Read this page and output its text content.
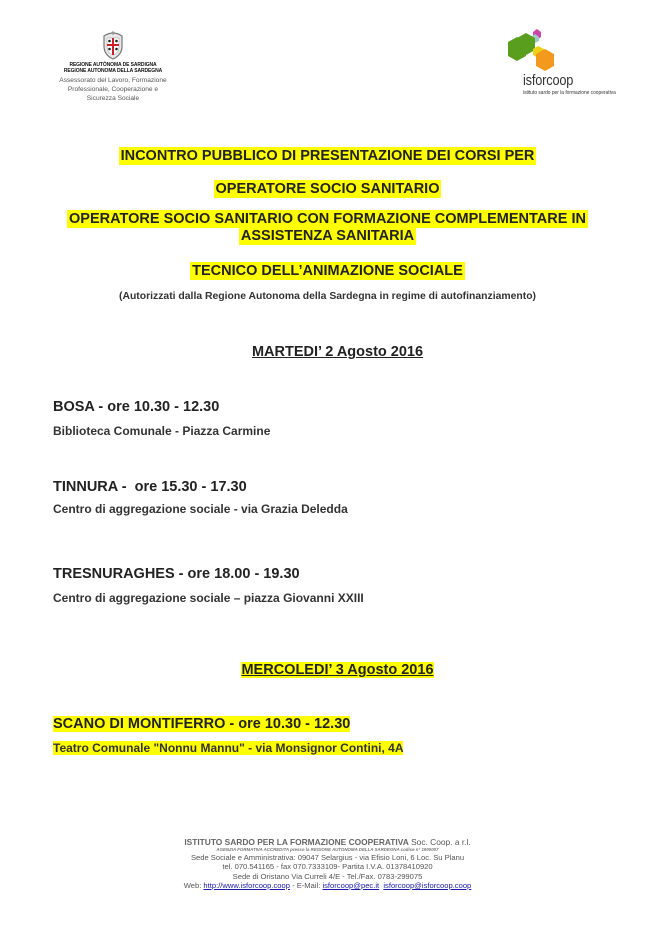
REGIONE AUTÒNOMA DE SARDIGNA
REGIONE AUTONOMA DELLA SARDEGNA
Assessorato del Lavoro, Formazione
Professionale, Cooperazione e
Sicurezza Sociale
isforcoop
istituto sardo per la formazione cooperativa
INCONTRO PUBBLICO DI PRESENTAZIONE DEI CORSI PER
OPERATORE SOCIO SANITARIO
OPERATORE SOCIO SANITARIO CON FORMAZIONE COMPLEMENTARE IN
ASSISTENZA SANITARIA
TECNICO DELL’ANIMAZIONE SOCIALE
(Autorizzati dalla Regione Autonoma della Sardegna in regime di autofinanziamento)
MARTEDI’ 2 Agosto 2016
BOSA - ore 10.30 - 12.30
Biblioteca Comunale - Piazza Carmine
TINNURA -  ore 15.30 - 17.30
Centro di aggregazione sociale - via Grazia Deledda
TRESNURAGHES - ore 18.00 - 19.30
Centro di aggregazione sociale – piazza Giovanni XXIII
MERCOLEDI’ 3 Agosto 2016
SCANO DI MONTIFERRO - ore 10.30 - 12.30
Teatro Comunale "Nonnu Mannu" - via Monsignor Contini, 4A
ISTITUTO SARDO PER LA FORMAZIONE COOPERATIVA Soc. Coop. a r.l.
AGENZIA FORMATIVA ACCREDITA presso la REGIONE AUTONOMA DELLA SARDEGNA codice n° 1900007
Sede Sociale e Amministrativa: 09047 Selargius - via Efisio Loni, 6 Loc. Su Planu
tel. 070.541165 - fax 070.7333109- Partita I.V.A. 01378410920
Sede di Oristano Via Curreli 4/E - Tel./Fax. 0783-299075
Web: http://www.isforcoop.coop - E-Mail: isforcoop@pec.it isforcoop@isforcoop.coop
